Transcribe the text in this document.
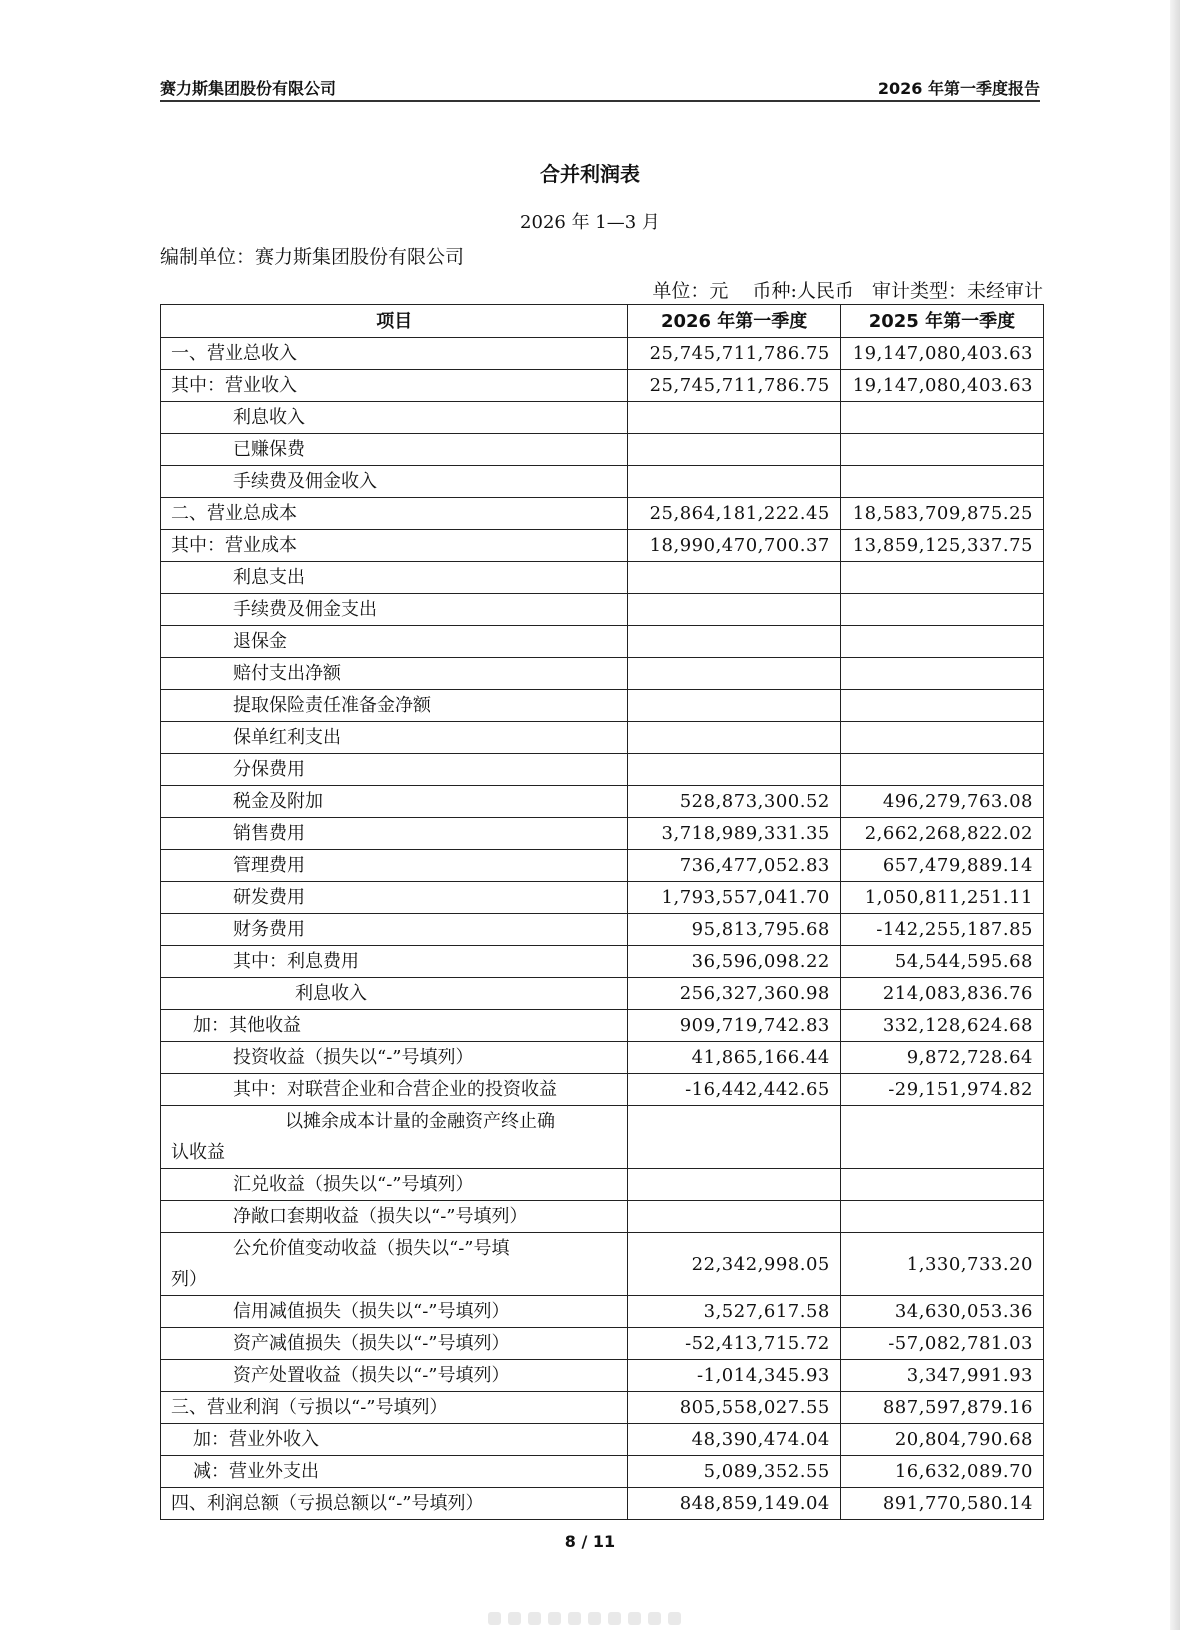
赛力斯集团股份有限公司	2026 年第一季度报告
合并利润表
2026 年 1—3 月
编制单位：赛力斯集团股份有限公司
单位：元    币种:人民币   审计类型：未经审计
项目	2026 年第一季度	2025 年第一季度
一、营业总收入	25,745,711,786.75	19,147,080,403.63
其中：营业收入	25,745,711,786.75	19,147,080,403.63
利息收入		
已赚保费		
手续费及佣金收入		
二、营业总成本	25,864,181,222.45	18,583,709,875.25
其中：营业成本	18,990,470,700.37	13,859,125,337.75
利息支出		
手续费及佣金支出		
退保金		
赔付支出净额		
提取保险责任准备金净额		
保单红利支出		
分保费用		
税金及附加	528,873,300.52	496,279,763.08
销售费用	3,718,989,331.35	2,662,268,822.02
管理费用	736,477,052.83	657,479,889.14
研发费用	1,793,557,041.70	1,050,811,251.11
财务费用	95,813,795.68	-142,255,187.85
其中：利息费用	36,596,098.22	54,544,595.68
利息收入	256,327,360.98	214,083,836.76
加：其他收益	909,719,742.83	332,128,624.68
投资收益（损失以“-”号填列）	41,865,166.44	9,872,728.64
其中：对联营企业和合营企业的投资收益	-16,442,442.65	-29,151,974.82

以摊余成本计量的金融资产终止确
认收益		
汇兑收益（损失以“-”号填列）		
净敞口套期收益（损失以“-”号填列）		

公允价值变动收益（损失以“-”号填
列）	22,342,998.05	1,330,733.20
信用减值损失（损失以“-”号填列）	3,527,617.58	34,630,053.36
资产减值损失（损失以“-”号填列）	-52,413,715.72	-57,082,781.03
资产处置收益（损失以“-”号填列）	-1,014,345.93	3,347,991.93
三、营业利润（亏损以“-”号填列）	805,558,027.55	887,597,879.16
加：营业外收入	48,390,474.04	20,804,790.68
减：营业外支出	5,089,352.55	16,632,089.70
四、利润总额（亏损总额以“-”号填列）	848,859,149.04	891,770,580.14
8 / 11
